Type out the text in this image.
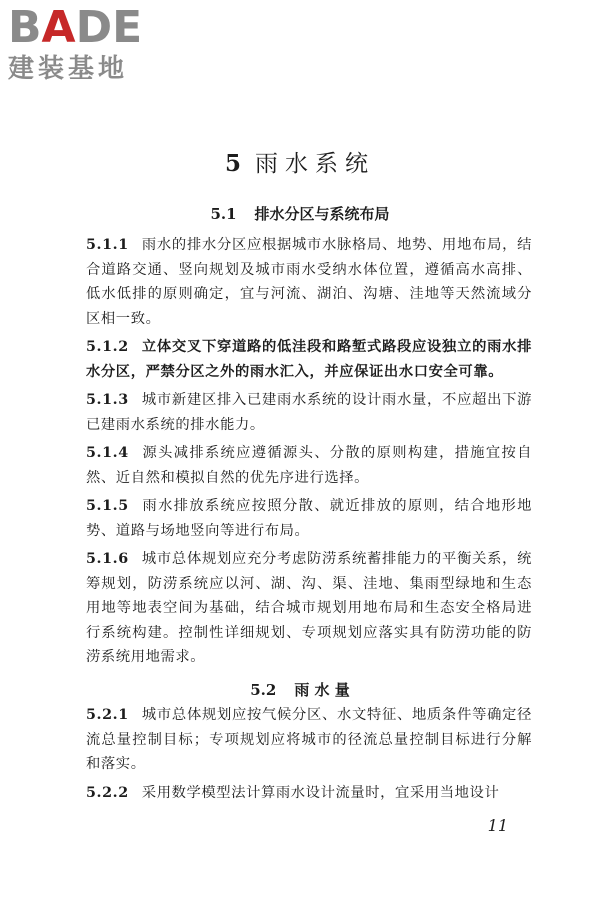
BADE
建装基地
5 雨水系统
5.1 排水分区与系统布局

5.1.1 雨水的排水分区应根据城市水脉格局、地势、用地布局，结合道路交通、竖向规划及城市雨水受纳水体位置，遵循高水高排、低水低排的原则确定，宜与河流、湖泊、沟塘、洼地等天然流域分区相一致。

5.1.2 立体交叉下穿道路的低洼段和路堑式路段应设独立的雨水排水分区，严禁分区之外的雨水汇入，并应保证出水口安全可靠。

5.1.3 城市新建区排入已建雨水系统的设计雨水量，不应超出下游已建雨水系统的排水能力。

5.1.4 源头减排系统应遵循源头、分散的原则构建，措施宜按自然、近自然和模拟自然的优先序进行选择。

5.1.5 雨水排放系统应按照分散、就近排放的原则，结合地形地势、道路与场地竖向等进行布局。

5.1.6 城市总体规划应充分考虑防涝系统蓄排能力的平衡关系，统筹规划，防涝系统应以河、湖、沟、渠、洼地、集雨型绿地和生态用地等地表空间为基础，结合城市规划用地布局和生态安全格局进行系统构建。控制性详细规划、专项规划应落实具有防涝功能的防涝系统用地需求。

5.2 雨 水 量

5.2.1 城市总体规划应按气候分区、水文特征、地质条件等确定径流总量控制目标；专项规划应将城市的径流总量控制目标进行分解和落实。

5.2.2 采用数学模型法计算雨水设计流量时，宜采用当地设计

11
